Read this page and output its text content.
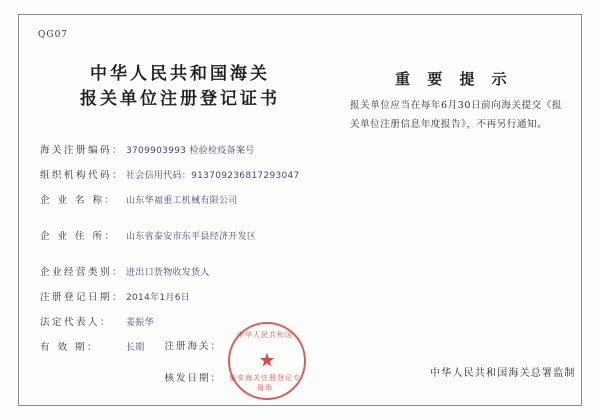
QG07
中华人民共和国海关
报关单位注册登记证书
重 要 提 示
报关单位应当在每年6月30日前向海关提交《报关单位注册信息年度报告》，不再另行通知。
海关注册编码： 3709903993 检验检疫备案号
组织机构代码： 社会信用代码：913709236817293047
企 业 名 称：	山东华福重工机械有限公司
企 业 住 所：	山东省泰安市东平县经济开发区
企业经营类别： 进出口货物收发货人
注册登记日期： 2014年1月6日
法定代表人：	姜振华
有 效 期：	长期	注册海关：
核发日期：
中华人民共和国
★
泰安海关注册登记专用章
中华人民共和国海关总署监制
